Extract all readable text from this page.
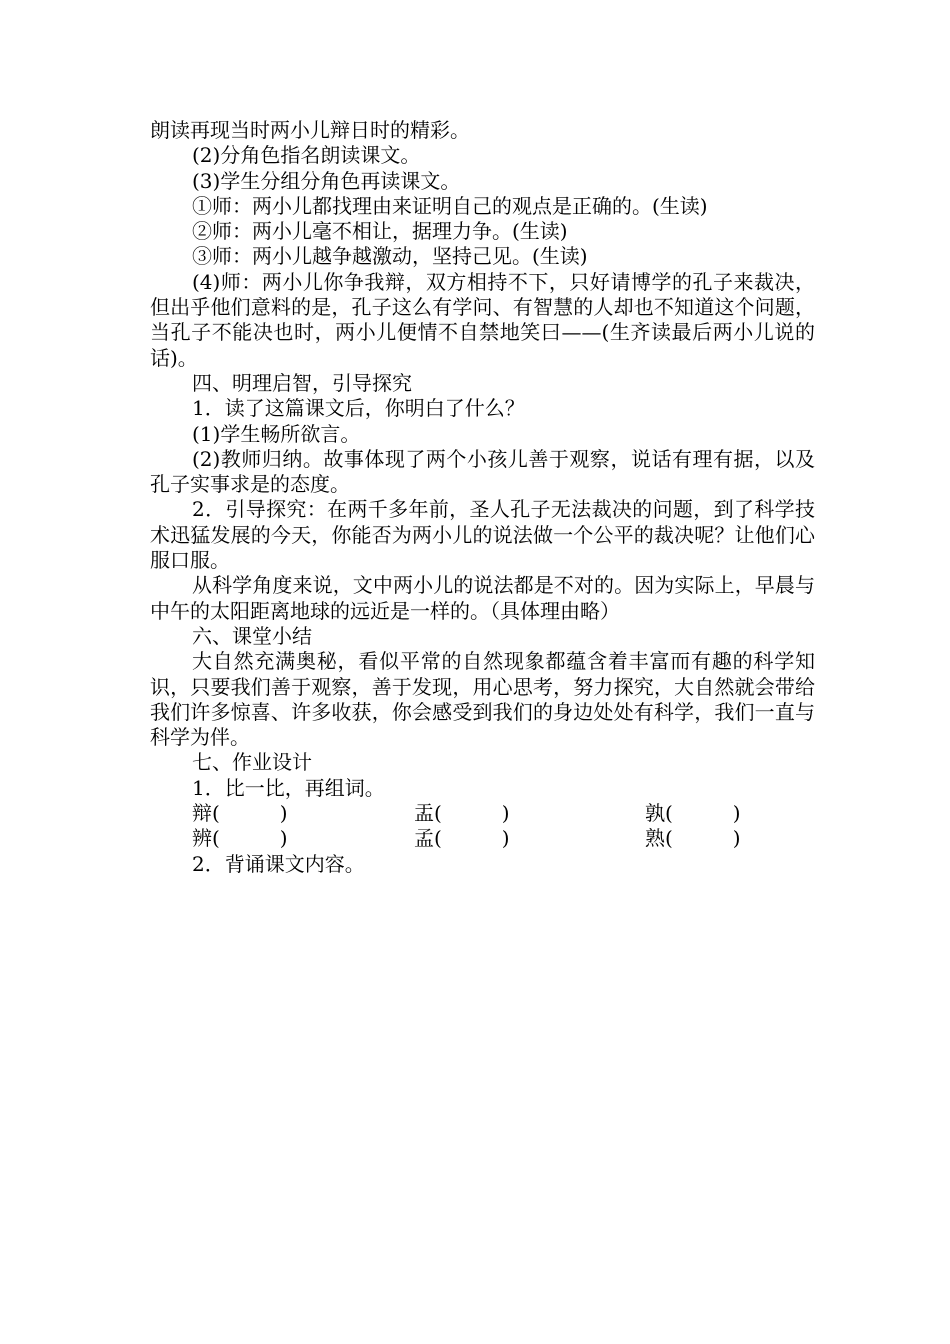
朗读再现当时两小儿辩日时的精彩。

(2)分角色指名朗读课文。

(3)学生分组分角色再读课文。

①师：两小儿都找理由来证明自己的观点是正确的。(生读)

②师：两小儿毫不相让，据理力争。(生读)

③师：两小儿越争越激动，坚持己见。(生读)

(4)师：两小儿你争我辩，双方相持不下，只好请博学的孔子来裁决，但出乎他们意料的是，孔子这么有学问、有智慧的人却也不知道这个问题，当孔子不能决也时，两小儿便情不自禁地笑曰——(生齐读最后两小儿说的话)。

四、明理启智，引导探究

1．读了这篇课文后，你明白了什么？

(1)学生畅所欲言。

(2)教师归纳。故事体现了两个小孩儿善于观察，说话有理有据，以及孔子实事求是的态度。

2．引导探究：在两千多年前，圣人孔子无法裁决的问题，到了科学技术迅猛发展的今天，你能否为两小儿的说法做一个公平的裁决呢？让他们心服口服。

从科学角度来说，文中两小儿的说法都是不对的。因为实际上，早晨与中午的太阳距离地球的远近是一样的。（具体理由略）

六、课堂小结

大自然充满奥秘，看似平常的自然现象都蕴含着丰富而有趣的科学知识，只要我们善于观察，善于发现，用心思考，努力探究，大自然就会带给我们许多惊喜、许多收获，你会感受到我们的身边处处有科学，我们一直与科学为伴。

七、作业设计

1．比一比，再组词。

辩(　　　)	盂(　　　)	孰(　　　)
辨(　　　)	孟(　　　)	熟(　　　)

2．背诵课文内容。
